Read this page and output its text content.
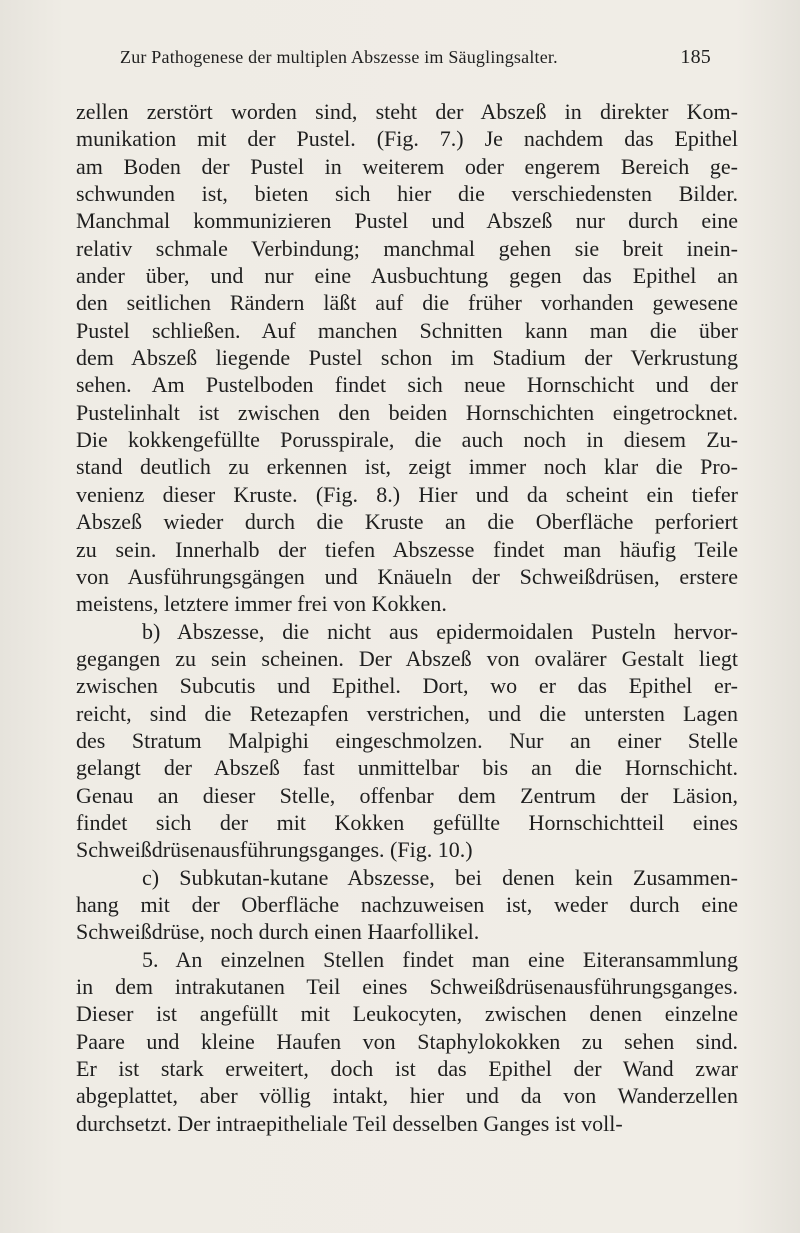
Zur Pathogenese der multiplen Abszesse im Säuglingsalter.	185
zellen zerstört worden sind, steht der Abszeß in direkter Kom-
munikation mit der Pustel. (Fig. 7.) Je nachdem das Epithel
am Boden der Pustel in weiterem oder engerem Bereich ge-
schwunden ist, bieten sich hier die verschiedensten Bilder.
Manchmal kommunizieren Pustel und Abszeß nur durch eine
relativ schmale Verbindung; manchmal gehen sie breit inein-
ander über, und nur eine Ausbuchtung gegen das Epithel an
den seitlichen Rändern läßt auf die früher vorhanden gewesene
Pustel schließen. Auf manchen Schnitten kann man die über
dem Abszeß liegende Pustel schon im Stadium der Verkrustung
sehen. Am Pustelboden findet sich neue Hornschicht und der
Pustelinhalt ist zwischen den beiden Hornschichten eingetrocknet.
Die kokkengefüllte Porusspirale, die auch noch in diesem Zu-
stand deutlich zu erkennen ist, zeigt immer noch klar die Pro-
venienz dieser Kruste. (Fig. 8.) Hier und da scheint ein tiefer
Abszeß wieder durch die Kruste an die Oberfläche perforiert
zu sein. Innerhalb der tiefen Abszesse findet man häufig Teile
von Ausführungsgängen und Knäueln der Schweißdrüsen, erstere
meistens, letztere immer frei von Kokken.
b) Abszesse, die nicht aus epidermoidalen Pusteln hervor-
gegangen zu sein scheinen. Der Abszeß von ovalärer Gestalt liegt
zwischen Subcutis und Epithel. Dort, wo er das Epithel er-
reicht, sind die Retezapfen verstrichen, und die untersten Lagen
des Stratum Malpighi eingeschmolzen. Nur an einer Stelle
gelangt der Abszeß fast unmittelbar bis an die Hornschicht.
Genau an dieser Stelle, offenbar dem Zentrum der Läsion,
findet sich der mit Kokken gefüllte Hornschichtteil eines
Schweißdrüsenausführungsganges. (Fig. 10.)
c) Subkutan-kutane Abszesse, bei denen kein Zusammen-
hang mit der Oberfläche nachzuweisen ist, weder durch eine
Schweißdrüse, noch durch einen Haarfollikel.
5. An einzelnen Stellen findet man eine Eiteransammlung
in dem intrakutanen Teil eines Schweißdrüsenausführungsganges.
Dieser ist angefüllt mit Leukocyten, zwischen denen einzelne
Paare und kleine Haufen von Staphylokokken zu sehen sind.
Er ist stark erweitert, doch ist das Epithel der Wand zwar
abgeplattet, aber völlig intakt, hier und da von Wanderzellen
durchsetzt. Der intraepitheliale Teil desselben Ganges ist voll-
